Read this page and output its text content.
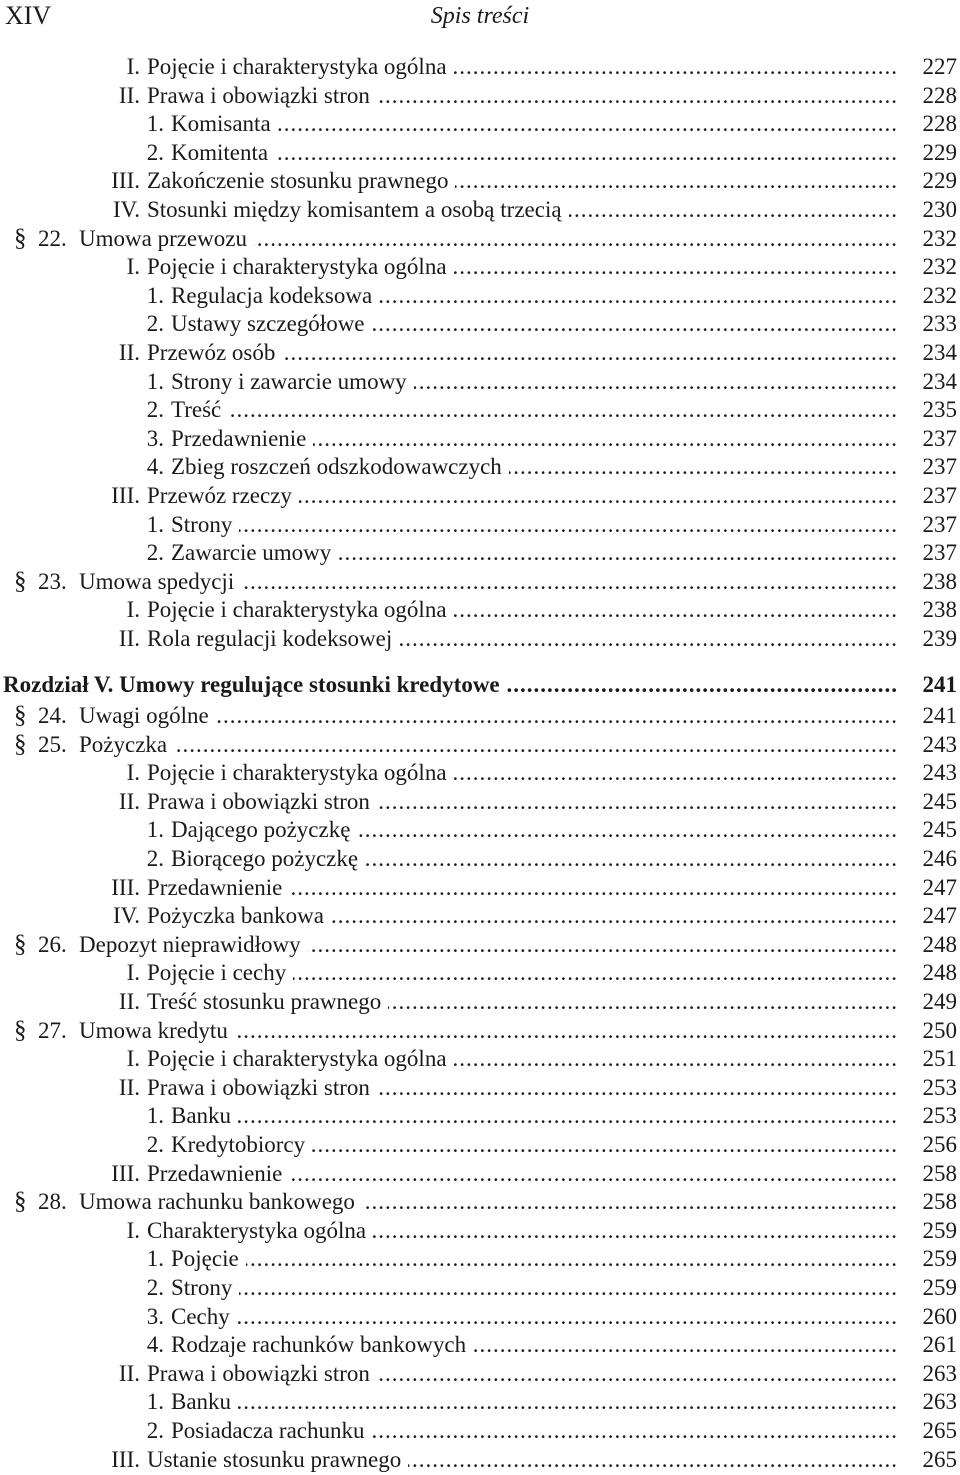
XIV	Spis treści
I. Pojęcie i charakterystyka ogólna .....	227
II. Prawa i obowiązki stron .....	228
1. Komisanta .....	228
2. Komitenta .....	229
III. Zakończenie stosunku prawnego .....	229
IV. Stosunki między komisantem a osobą trzecią .....	230
§ 22. Umowa przewozu .....	232
I. Pojęcie i charakterystyka ogólna .....	232
1. Regulacja kodeksowa .....	232
2. Ustawy szczegółowe .....	233
II. Przewóz osób .....	234
1. Strony i zawarcie umowy .....	234
2. Treść .....	235
3. Przedawnienie .....	237
4. Zbieg roszczeń odszkodowawczych .....	237
III. Przewóz rzeczy .....	237
1. Strony .....	237
2. Zawarcie umowy .....	237
§ 23. Umowa spedycji .....	238
I. Pojęcie i charakterystyka ogólna .....	238
II. Rola regulacji kodeksowej .....	239
Rozdział V. Umowy regulujące stosunki kredytowe .....	241
§ 24. Uwagi ogólne .....	241
§ 25. Pożyczka .....	243
I. Pojęcie i charakterystyka ogólna .....	243
II. Prawa i obowiązki stron .....	245
1. Dającego pożyczkę .....	245
2. Biorącego pożyczkę .....	246
III. Przedawnienie .....	247
IV. Pożyczka bankowa .....	247
§ 26. Depozyt nieprawidłowy .....	248
I. Pojęcie i cechy .....	248
II. Treść stosunku prawnego .....	249
§ 27. Umowa kredytu .....	250
I. Pojęcie i charakterystyka ogólna .....	251
II. Prawa i obowiązki stron .....	253
1. Banku .....	253
2. Kredytobiorcy .....	256
III. Przedawnienie .....	258
§ 28. Umowa rachunku bankowego .....	258
I. Charakterystyka ogólna .....	259
1. Pojęcie .....	259
2. Strony .....	259
3. Cechy .....	260
4. Rodzaje rachunków bankowych .....	261
II. Prawa i obowiązki stron .....	263
1. Banku .....	263
2. Posiadacza rachunku .....	265
III. Ustanie stosunku prawnego .....	265
